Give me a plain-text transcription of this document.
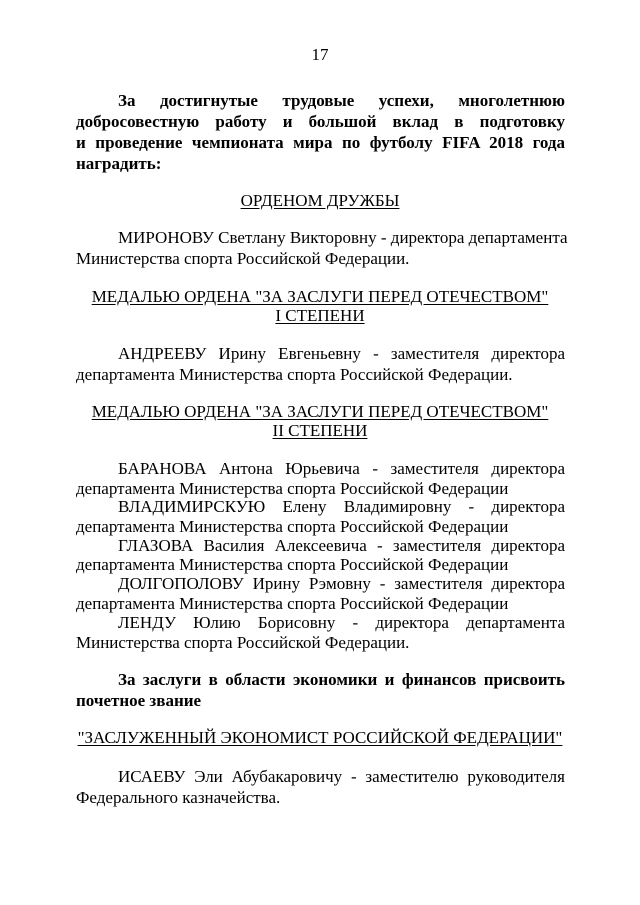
17
За достигнутые трудовые успехи, многолетнюю
добросовестную работу и большой вклад в подготовку
и проведение чемпионата мира по футболу FIFA 2018 года
наградить:
ОРДЕНОМ ДРУЖБЫ
МИРОНОВУ Светлану Викторовну - директора департамента
Министерства спорта Российской Федерации.
МЕДАЛЬЮ ОРДЕНА "ЗА ЗАСЛУГИ ПЕРЕД ОТЕЧЕСТВОМ"
I СТЕПЕНИ
АНДРЕЕВУ Ирину Евгеньевну - заместителя директора
департамента Министерства спорта Российской Федерации.
МЕДАЛЬЮ ОРДЕНА "ЗА ЗАСЛУГИ ПЕРЕД ОТЕЧЕСТВОМ"
II СТЕПЕНИ
БАРАНОВА Антона Юрьевича - заместителя директора
департамента Министерства спорта Российской Федерации
ВЛАДИМИРСКУЮ Елену Владимировну - директора
департамента Министерства спорта Российской Федерации
ГЛАЗОВА Василия Алексеевича - заместителя директора
департамента Министерства спорта Российской Федерации
ДОЛГОПОЛОВУ Ирину Рэмовну - заместителя директора
департамента Министерства спорта Российской Федерации
ЛЕНДУ Юлию Борисовну - директора департамента
Министерства спорта Российской Федерации.
За заслуги в области экономики и финансов присвоить
почетное звание
"ЗАСЛУЖЕННЫЙ ЭКОНОМИСТ РОССИЙСКОЙ ФЕДЕРАЦИИ"
ИСАЕВУ Эли Абубакаровичу - заместителю руководителя
Федерального казначейства.
